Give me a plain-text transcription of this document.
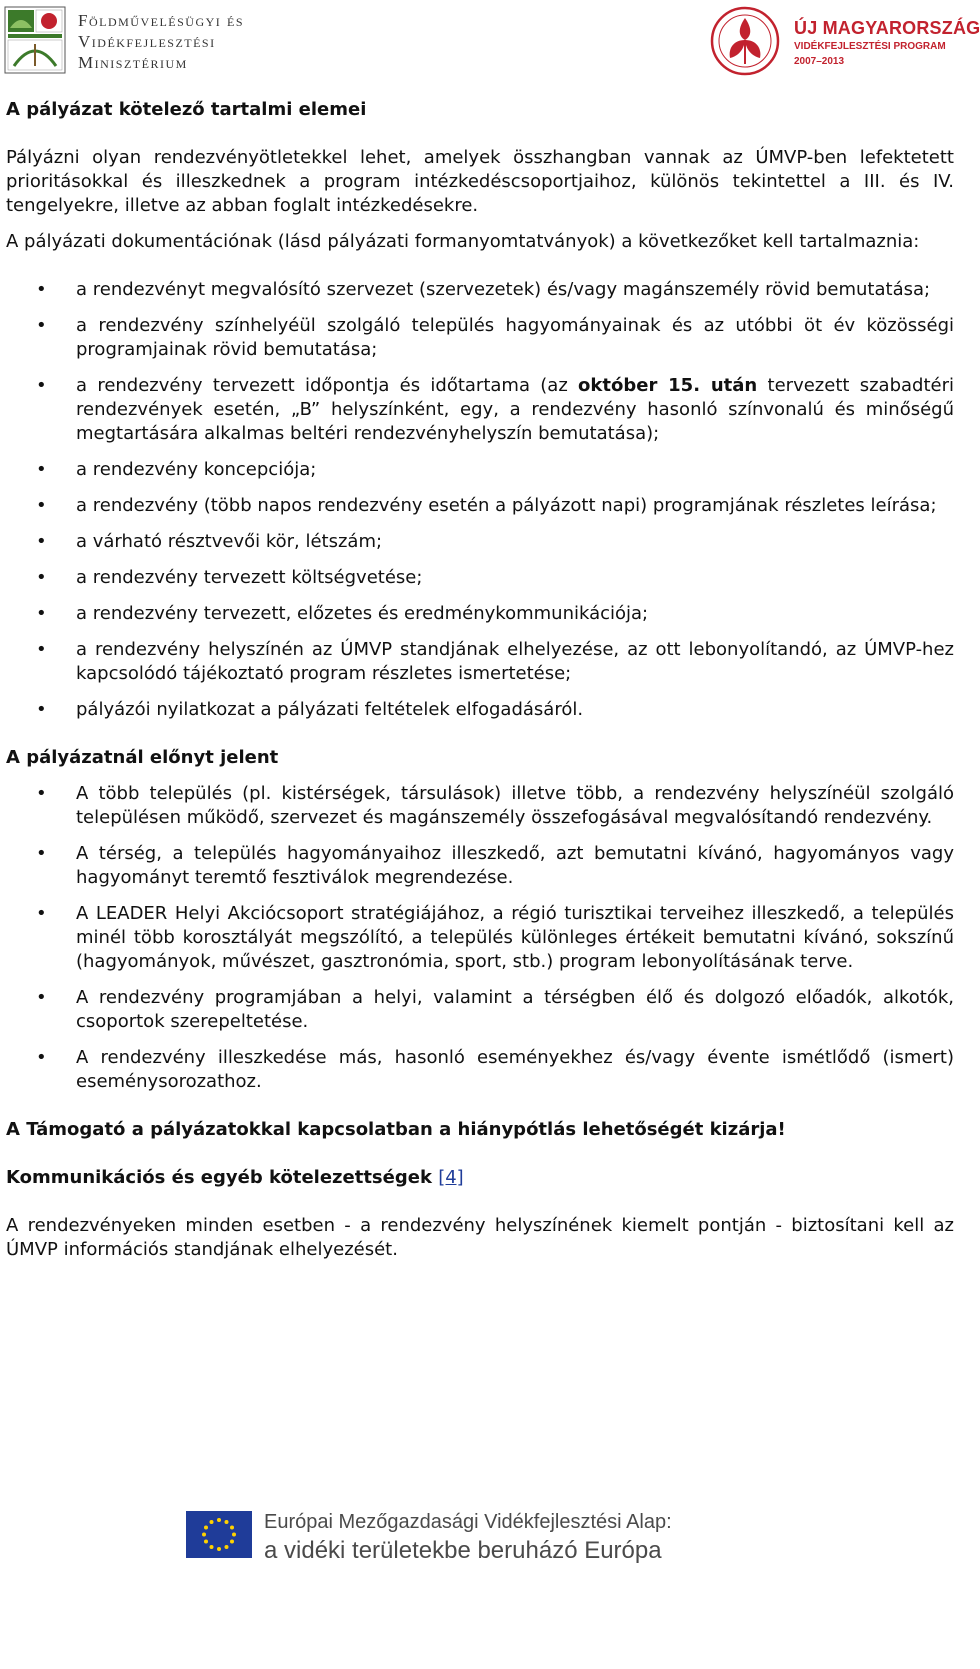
Földművelésügyi és
Vidékfejlesztési
Minisztérium
ÚJ MAGYARORSZÁG
VIDÉKFEJLESZTÉSI PROGRAM
2007–2013

A pályázat kötelező tartalmi elemei

Pályázni olyan rendezvényötletekkel lehet, amelyek összhangban vannak az ÚMVP-ben lefektetett prioritásokkal és illeszkednek a program intézkedéscsoportjaihoz, különös tekintettel a III. és IV. tengelyekre, illetve az abban foglalt intézkedésekre.

A pályázati dokumentációnak (lásd pályázati formanyomtatványok) a következőket kell tartalmaznia:

• a rendezvényt megvalósító szervezet (szervezetek) és/vagy magánszemély rövid bemutatása;
• a rendezvény színhelyéül szolgáló település hagyományainak és az utóbbi öt év közösségi programjainak rövid bemutatása;
• a rendezvény tervezett időpontja és időtartama (az október 15. után tervezett szabadtéri rendezvények esetén, „B” helyszínként, egy, a rendezvény hasonló színvonalú és minőségű megtartására alkalmas beltéri rendezvényhelyszín bemutatása);
• a rendezvény koncepciója;
• a rendezvény (több napos rendezvény esetén a pályázott napi) programjának részletes leírása;
• a várható résztvevői kör, létszám;
• a rendezvény tervezett költségvetése;
• a rendezvény tervezett, előzetes és eredménykommunikációja;
• a rendezvény helyszínén az ÚMVP standjának elhelyezése, az ott lebonyolítandó, az ÚMVP-hez kapcsolódó tájékoztató program részletes ismertetése;
• pályázói nyilatkozat a pályázati feltételek elfogadásáról.

A pályázatnál előnyt jelent

• A több település (pl. kistérségek, társulások) illetve több, a rendezvény helyszínéül szolgáló településen működő, szervezet és magánszemély összefogásával megvalósítandó rendezvény.
• A térség, a település hagyományaihoz illeszkedő, azt bemutatni kívánó, hagyományos vagy hagyományt teremtő fesztiválok megrendezése.
• A LEADER Helyi Akciócsoport stratégiájához, a régió turisztikai terveihez illeszkedő, a település minél több korosztályát megszólító, a település különleges értékeit bemutatni kívánó, sokszínű (hagyományok, művészet, gasztronómia, sport, stb.) program lebonyolításának terve.
• A rendezvény programjában a helyi, valamint a térségben élő és dolgozó előadók, alkotók, csoportok szerepeltetése.
• A rendezvény illeszkedése más, hasonló eseményekhez és/vagy évente ismétlődő (ismert) eseménysorozathoz.

A Támogató a pályázatokkal kapcsolatban a hiánypótlás lehetőségét kizárja!

Kommunikációs és egyéb kötelezettségek [4]

A rendezvényeken minden esetben - a rendezvény helyszínének kiemelt pontján - biztosítani kell az ÚMVP információs standjának elhelyezését.

Európai Mezőgazdasági Vidékfejlesztési Alap:
a vidéki területekbe beruházó Európa
